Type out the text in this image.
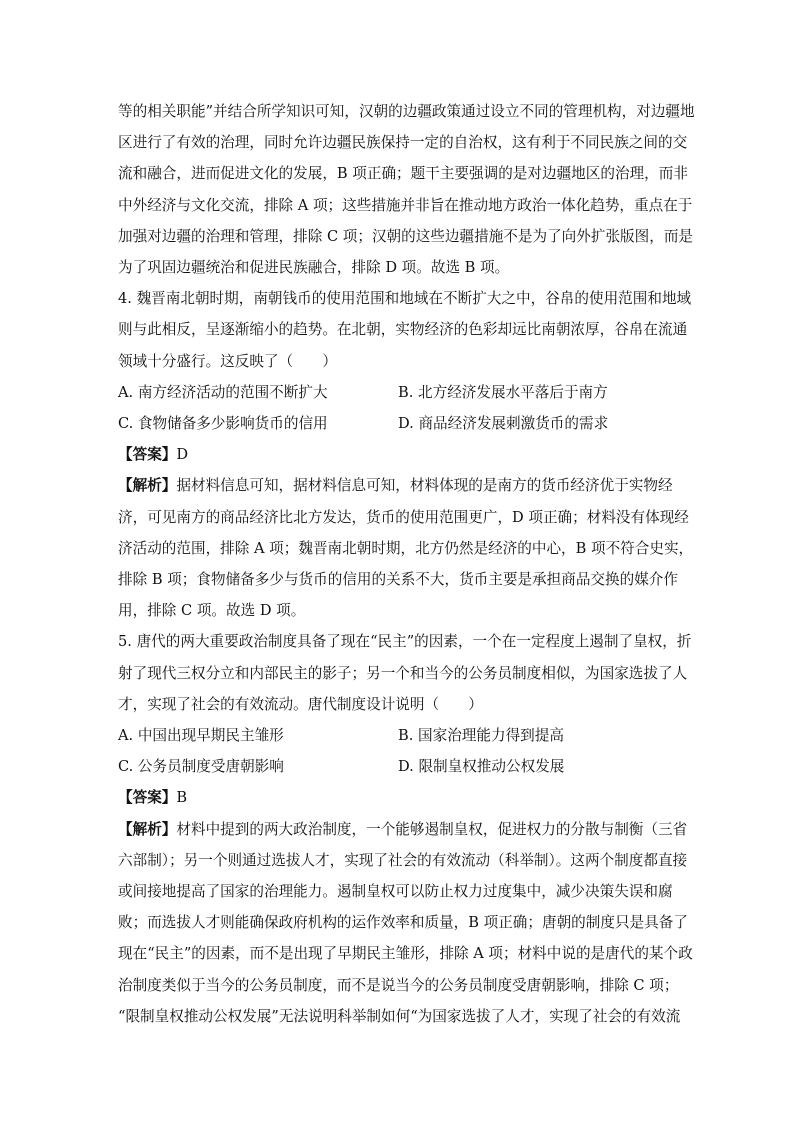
等的相关职能”并结合所学知识可知，汉朝的边疆政策通过设立不同的管理机构，对边疆地
区进行了有效的治理，同时允许边疆民族保持一定的自治权，这有利于不同民族之间的交
流和融合，进而促进文化的发展，B 项正确；题干主要强调的是对边疆地区的治理，而非
中外经济与文化交流，排除 A 项；这些措施并非旨在推动地方政治一体化趋势，重点在于
加强对边疆的治理和管理，排除 C 项；汉朝的这些边疆措施不是为了向外扩张版图，而是
为了巩固边疆统治和促进民族融合，排除 D 项。故选 B 项。
4. 魏晋南北朝时期，南朝钱币的使用范围和地域在不断扩大之中，谷帛的使用范围和地域
则与此相反，呈逐渐缩小的趋势。在北朝，实物经济的色彩却远比南朝浓厚，谷帛在流通
领域十分盛行。这反映了（　　）
A. 南方经济活动的范围不断扩大	B. 北方经济发展水平落后于南方
C. 食物储备多少影响货币的信用	D. 商品经济发展刺激货币的需求
【答案】D
【解析】据材料信息可知，据材料信息可知，材料体现的是南方的货币经济优于实物经
济，可见南方的商品经济比北方发达，货币的使用范围更广，D 项正确；材料没有体现经
济活动的范围，排除 A 项；魏晋南北朝时期，北方仍然是经济的中心，B 项不符合史实，
排除 B 项；食物储备多少与货币的信用的关系不大，货币主要是承担商品交换的媒介作
用，排除 C 项。故选 D 项。
5. 唐代的两大重要政治制度具备了现在“民主”的因素，一个在一定程度上遏制了皇权，折
射了现代三权分立和内部民主的影子；另一个和当今的公务员制度相似，为国家选拔了人
才，实现了社会的有效流动。唐代制度设计说明（　　）
A. 中国出现早期民主雏形	B. 国家治理能力得到提高
C. 公务员制度受唐朝影响	D. 限制皇权推动公权发展
【答案】B
【解析】材料中提到的两大政治制度，一个能够遏制皇权，促进权力的分散与制衡（三省
六部制）；另一个则通过选拔人才，实现了社会的有效流动（科举制）。这两个制度都直接
或间接地提高了国家的治理能力。遏制皇权可以防止权力过度集中，减少决策失误和腐
败；而选拔人才则能确保政府机构的运作效率和质量，B 项正确；唐朝的制度只是具备了
现在“民主”的因素，而不是出现了早期民主雏形，排除 A 项；材料中说的是唐代的某个政
治制度类似于当今的公务员制度，而不是说当今的公务员制度受唐朝影响，排除 C 项；
“限制皇权推动公权发展”无法说明科举制如何“为国家选拔了人才，实现了社会的有效流
